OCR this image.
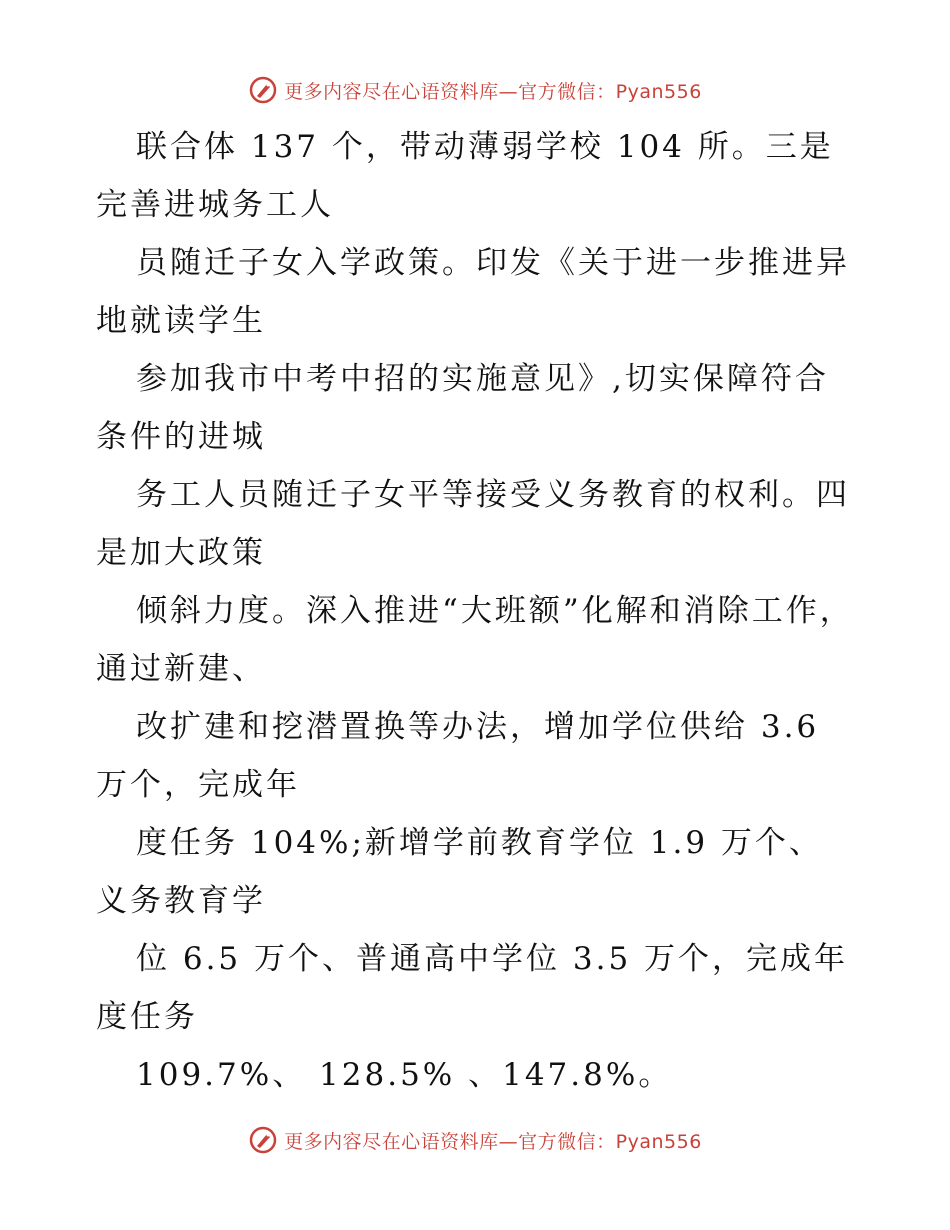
更多内容尽在心语资料库—官方微信：Pyan556

联合体 137 个，带动薄弱学校 104 所。三是完善进城务工人

员随迁子女入学政策。印发《关于进一步推进异地就读学生

参加我市中考中招的实施意见》,切实保障符合条件的进城

务工人员随迁子女平等接受义务教育的权利。四是加大政策

倾斜力度。深入推进“大班额”化解和消除工作，通过新建、

改扩建和挖潜置换等办法，增加学位供给 3.6 万个，完成年

度任务 104%;新增学前教育学位 1.9 万个、义务教育学

位 6.5 万个、普通高中学位 3.5 万个，完成年度任务

109.7%、 128.5% 、147.8%。

更多内容尽在心语资料库—官方微信：Pyan556
